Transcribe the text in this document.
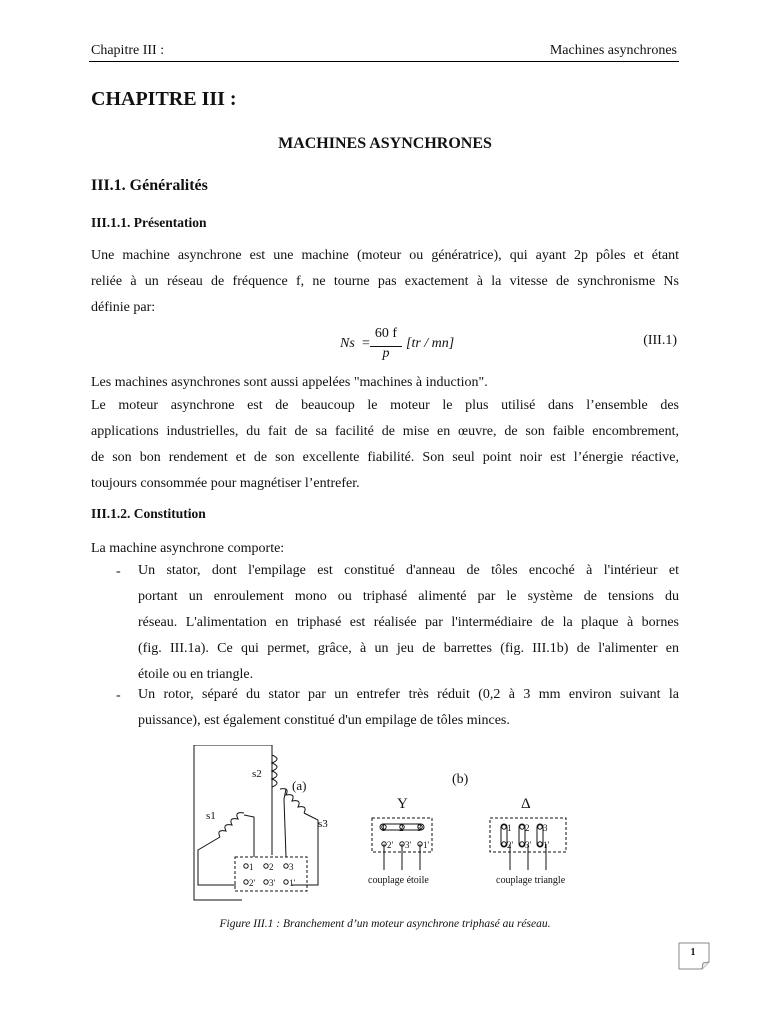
Chapitre III :	Machines asynchrones
CHAPITRE III :
MACHINES ASYNCHRONES
III.1. Généralités
III.1.1. Présentation
Une machine asynchrone est une machine (moteur ou génératrice), qui ayant 2p pôles et étant
reliée à un réseau de fréquence f, ne tourne pas exactement à la vitesse de synchronisme Ns
définie par:
Ns =
60 f
p
[tr / mn]	(III.1)
Les machines asynchrones sont aussi appelées "machines à induction".
Le moteur asynchrone est de beaucoup le moteur le plus utilisé dans l’ensemble des
applications industrielles, du fait de sa facilité de mise en œuvre, de son faible encombrement,
de son bon rendement et de son excellente fiabilité. Son seul point noir est l’énergie réactive,
toujours consommée pour magnétiser l’entrefer.
III.1.2. Constitution
La machine asynchrone comporte:
- Un stator, dont l'empilage est constitué d'anneau de tôles encoché à l'intérieur et
portant un enroulement mono ou triphasé alimenté par le système de tensions du
réseau. L'alimentation en triphasé est réalisée par l'intermédiaire de la plaque à bornes
(fig. III.1a). Ce qui permet, grâce, à un jeu de barrettes (fig. III.1b) de l'alimenter en
étoile ou en triangle.
- Un rotor, séparé du stator par un entrefer très réduit (0,2 à 3 mm environ suivant la
puissance), est également constitué d'un empilage de tôles minces.
s2
s1
s3
(a)
1 2 3
2' 3' 1'
(b)
Y	Δ
1 2 3
2' 3' 1'
1 2 3
2' 3' 1'
couplage étoile	couplage triangle
Figure III.1 : Branchement d’un moteur asynchrone triphasé au réseau.
1
